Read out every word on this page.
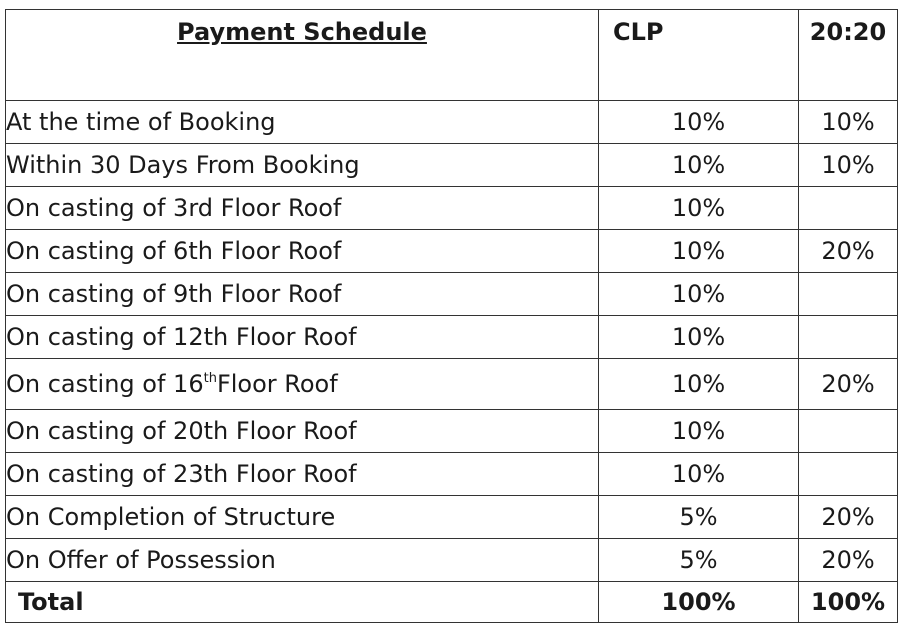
Payment Schedule	CLP	20:20
At the time of Booking	10%	10%
Within 30 Days From Booking	10%	10%
On casting of 3rd Floor Roof	10%	
On casting of 6th Floor Roof	10%	20%
On casting of 9th Floor Roof	10%	
On casting of 12th Floor Roof	10%	
On casting of 16thFloor Roof	10%	20%
On casting of 20th Floor Roof	10%	
On casting of 23th Floor Roof	10%	
On Completion of Structure	5%	20%
On Offer of Possession	5%	20%
Total	100%	100%
